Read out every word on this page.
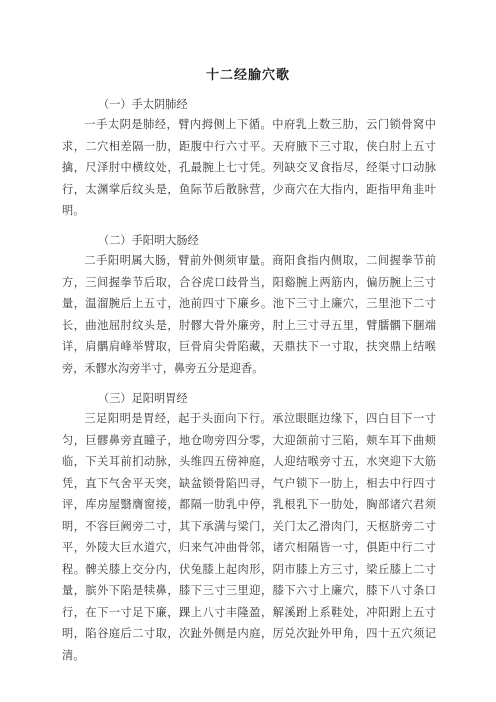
十二经腧穴歌
（一）手太阴肺经
一手太阴是肺经，臂内拇侧上下循。中府乳上数三肋，云门锁骨窝中求，二穴相差隔一肋，距腹中行六寸平。天府腋下三寸取，侠白肘上五寸擒，尺泽肘中横纹处，孔最腕上七寸凭。列缺交叉食指尽，经渠寸口动脉行，太渊掌后纹头是，鱼际节后散脉营，少商穴在大指内，距指甲角韭叶明。
（二）手阳明大肠经
二手阳明属大肠，臂前外侧须审量。商阳食指内侧取，二间握拳节前方，三间握拳节后取，合谷虎口歧骨当，阳谿腕上两筋内，偏历腕上三寸量，温溜腕后上五寸，池前四寸下廉乡。池下三寸上廉穴，三里池下二寸长，曲池屈肘纹头是，肘髎大骨外廉旁，肘上三寸寻五里，臂臑髃下䐃端详，肩髃肩峰举臂取，巨骨肩尖骨陷藏，天鼎扶下一寸取，扶突鼎上结喉旁，禾髎水沟旁半寸，鼻旁五分是迎香。
（三）足阳明胃经
三足阳明是胃经，起于头面向下行。承泣眼眶边缘下，四白目下一寸匀，巨髎鼻旁直瞳子，地仓吻旁四分零，大迎颌前寸三陷，颊车耳下曲颊临，下关耳前扪动脉，头维四五傍神庭，人迎结喉旁寸五，水突迎下大筋凭，直下气舍平天突，缺盆锁骨陷凹寻，气户锁下一肋上，相去中行四寸评，库房屋翳膺窗接，都隔一肋乳中停，乳根乳下一肋处，胸部诸穴君须明，不容巨阙旁二寸，其下承满与梁门，关门太乙滑肉门，天枢脐旁二寸平，外陵大巨水道穴，归来气冲曲骨邻，诸穴相隔皆一寸，俱距中行二寸程。髀关膝上交分内，伏兔膝上起肉形，阴市膝上方三寸，梁丘膝上二寸量，膑外下陷是犊鼻，膝下三寸三里迎，膝下六寸上廉穴，膝下八寸条口行，在下一寸足下廉，踝上八寸丰隆盈，解溪跗上系鞋处，冲阳跗上五寸明，陷谷庭后二寸取，次趾外侧是内庭，厉兑次趾外甲角，四十五穴须记清。
